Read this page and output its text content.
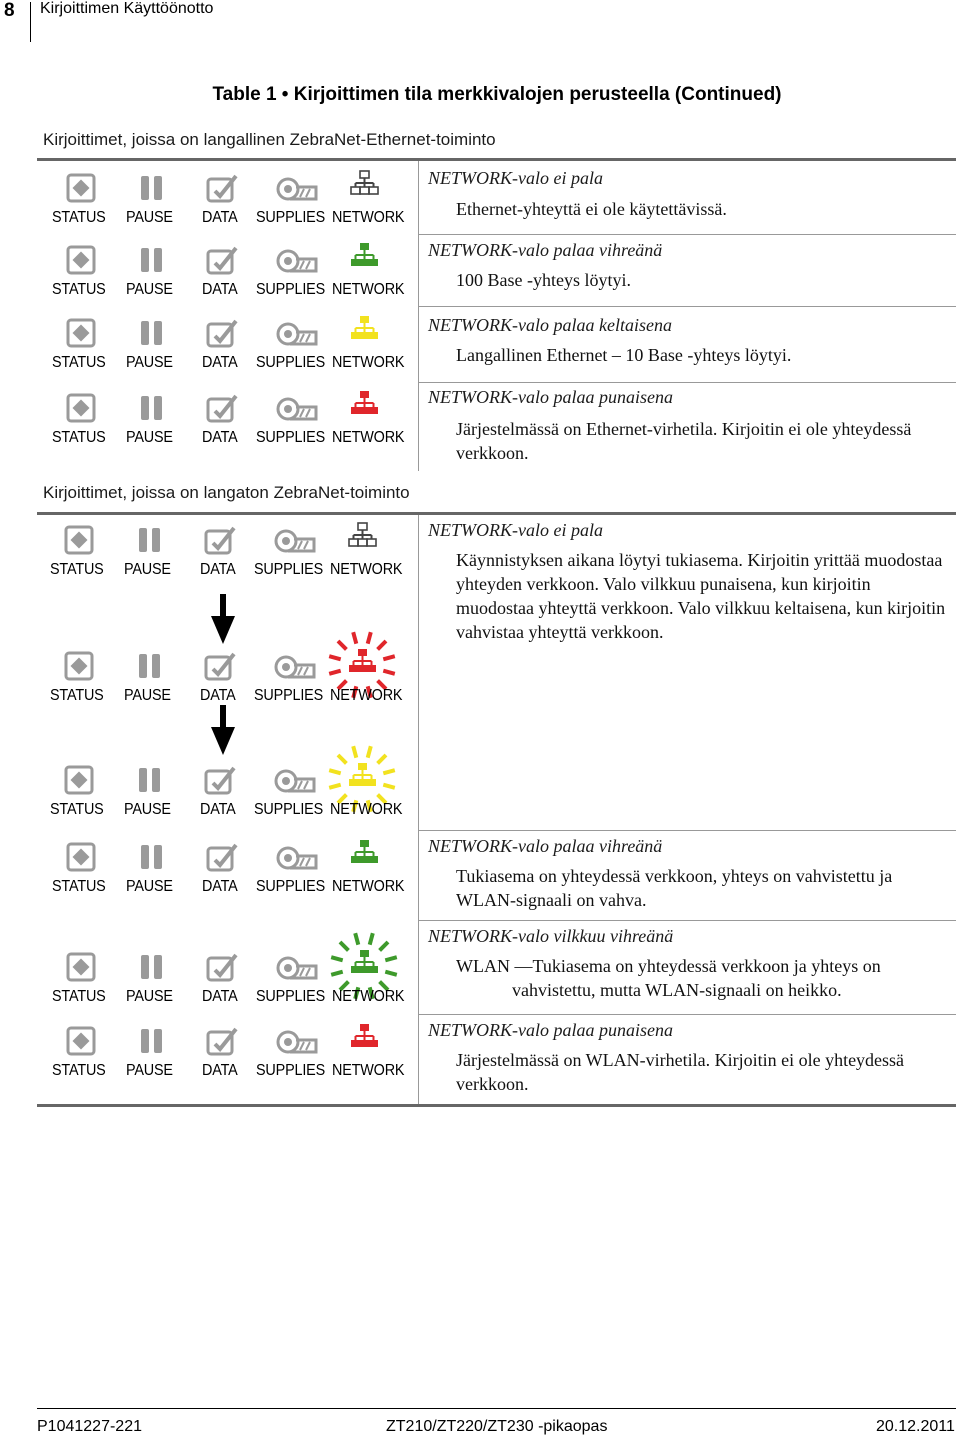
8 Kirjoittimen Käyttöönotto
Table 1 • Kirjoittimen tila merkkivalojen perusteella (Continued)
Kirjoittimet, joissa on langallinen ZebraNet-Ethernet-toiminto
NETWORK-valo ei pala
Ethernet-yhteyttä ei ole käytettävissä.
NETWORK-valo palaa vihreänä
100 Base -yhteys löytyi.
NETWORK-valo palaa keltaisena
Langallinen Ethernet – 10 Base -yhteys löytyi.
NETWORK-valo palaa punaisena
Järjestelmässä on Ethernet-virhetila. Kirjoitin ei ole yhteydessä verkkoon.
Kirjoittimet, joissa on langaton ZebraNet-toiminto
NETWORK-valo ei pala
Käynnistyksen aikana löytyi tukiasema. Kirjoitin yrittää muodostaa yhteyden verkkoon. Valo vilkkuu punaisena, kun kirjoitin muodostaa yhteyttä verkkoon. Valo vilkkuu keltaisena, kun kirjoitin vahvistaa yhteyttä verkkoon.
NETWORK-valo palaa vihreänä
Tukiasema on yhteydessä verkkoon, yhteys on vahvistettu ja WLAN-signaali on vahva.
NETWORK-valo vilkkuu vihreänä
WLAN —Tukiasema on yhteydessä verkkoon ja yhteys on
vahvistettu, mutta WLAN-signaali on heikko.
NETWORK-valo palaa punaisena
Järjestelmässä on WLAN-virhetila. Kirjoitin ei ole yhteydessä verkkoon.
STATUS PAUSE DATA SUPPLIES NETWORK
STATUS PAUSE DATA SUPPLIES NETWORK
STATUS PAUSE DATA SUPPLIES NETWORK
STATUS PAUSE DATA SUPPLIES NETWORK
STATUS PAUSE DATA SUPPLIES NETWORK
STATUS PAUSE DATA SUPPLIES NETWORK
STATUS PAUSE DATA SUPPLIES NETWORK
STATUS PAUSE DATA SUPPLIES NETWORK
STATUS PAUSE DATA SUPPLIES NETWORK
STATUS PAUSE DATA SUPPLIES NETWORK
P1041227-221	ZT210/ZT220/ZT230 -pikaopas	20.12.2011
